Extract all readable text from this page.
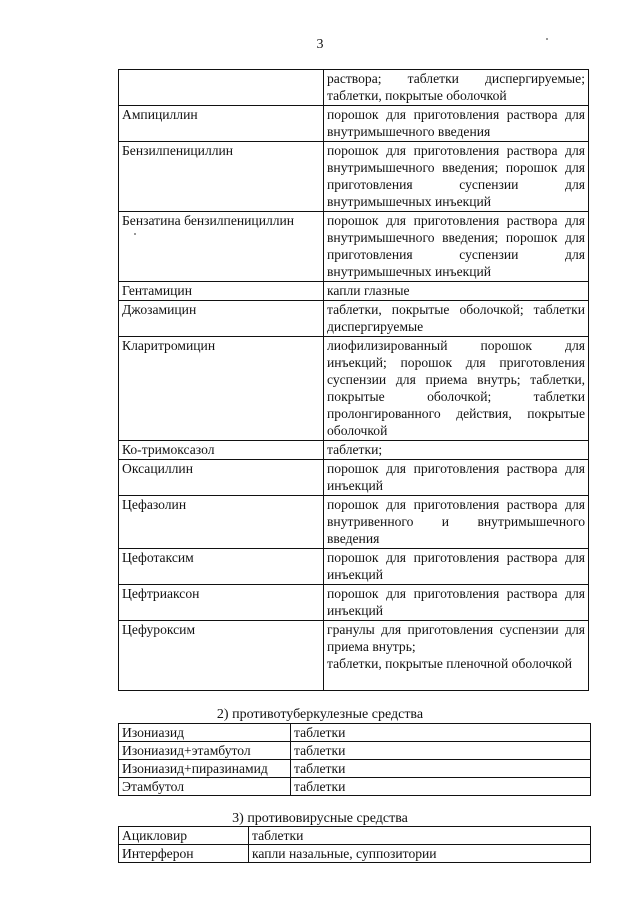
3
	раствора; таблетки диспергируемые; таблетки, покрытые оболочкой
Ампициллин	порошок для приготовления раствора для внутримышечного введения
Бензилпенициллин	порошок для приготовления раствора для внутримышечного введения; порошок для приготовления суспензии для внутримышечных инъекций
Бензатина бензилпенициллин	порошок для приготовления раствора для внутримышечного введения; порошок для приготовления суспензии для внутримышечных инъекций
Гентамицин	капли глазные
Джозамицин	таблетки, покрытые оболочкой; таблетки диспергируемые
Кларитромицин	лиофилизированный порошок для инъекций; порошок для приготовления суспензии для приема внутрь; таблетки, покрытые оболочкой; таблетки пролонгированного действия, покрытые оболочкой
Ко-тримоксазол	таблетки;
Оксациллин	порошок для приготовления раствора для инъекций
Цефазолин	порошок для приготовления раствора для внутривенного и внутримышечного введения
Цефотаксим	порошок для приготовления раствора для инъекций
Цефтриаксон	порошок для приготовления раствора для инъекций
Цефуроксим	гранулы для приготовления суспензии для приема внутрь;
таблетки, покрытые пленочной оболочкой
2) противотуберкулезные средства
Изониазид	таблетки
Изониазид+этамбутол	таблетки
Изониазид+пиразинамид	таблетки
Этамбутол	таблетки
3) противовирусные средства
Ацикловир	таблетки
Интерферон	капли назальные, суппозитории
